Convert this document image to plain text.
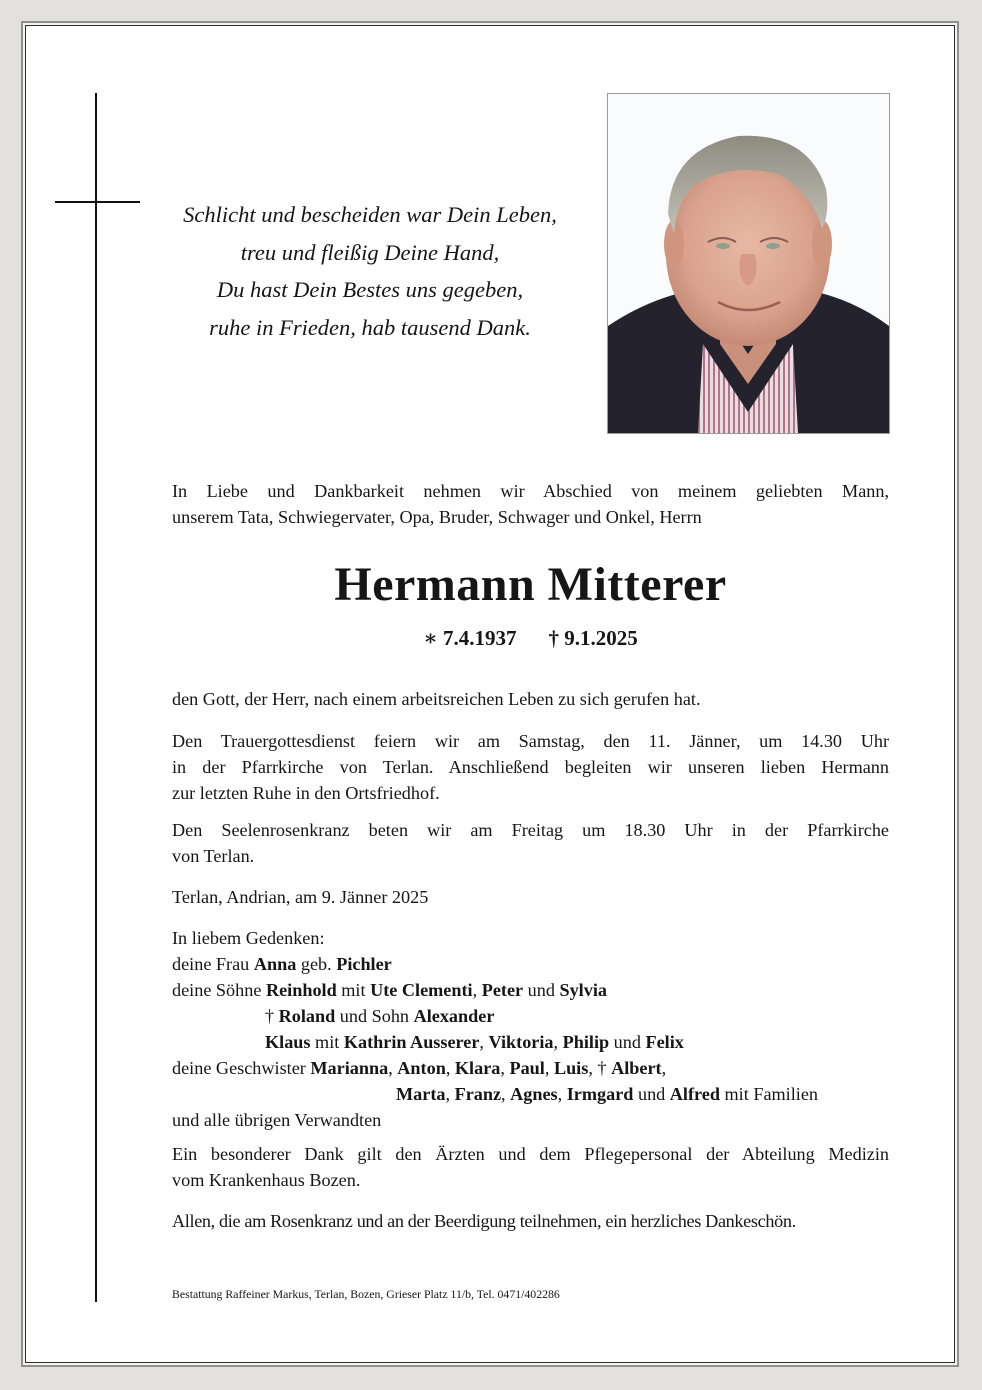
Schlicht und bescheiden war Dein Leben,
treu und fleißig Deine Hand,
Du hast Dein Bestes uns gegeben,
ruhe in Frieden, hab tausend Dank.
In Liebe und Dankbarkeit nehmen wir Abschied von meinem geliebten Mann,
unserem Tata, Schwiegervater, Opa, Bruder, Schwager und Onkel, Herrn
Hermann Mitterer
∗ 7.4.1937 † 9.1.2025
den Gott, der Herr, nach einem arbeitsreichen Leben zu sich gerufen hat.
Den Trauergottesdienst feiern wir am Samstag, den 11. Jänner, um 14.30 Uhr
in der Pfarrkirche von Terlan. Anschließend begleiten wir unseren lieben Hermann
zur letzten Ruhe in den Ortsfriedhof.
Den Seelenrosenkranz beten wir am Freitag um 18.30 Uhr in der Pfarrkirche
von Terlan.
Terlan, Andrian, am 9. Jänner 2025
In liebem Gedenken:
deine Frau Anna geb. Pichler
deine Söhne Reinhold mit Ute Clementi, Peter und Sylvia
† Roland und Sohn Alexander
Klaus mit Kathrin Ausserer, Viktoria, Philip und Felix
deine Geschwister Marianna, Anton, Klara, Paul, Luis, † Albert,
Marta, Franz, Agnes, Irmgard und Alfred mit Familien
und alle übrigen Verwandten
Ein besonderer Dank gilt den Ärzten und dem Pflegepersonal der Abteilung Medizin
vom Krankenhaus Bozen.
Allen, die am Rosenkranz und an der Beerdigung teilnehmen, ein herzliches Dankeschön.
Bestattung Raffeiner Markus, Terlan, Bozen, Grieser Platz 11/b, Tel. 0471/402286
